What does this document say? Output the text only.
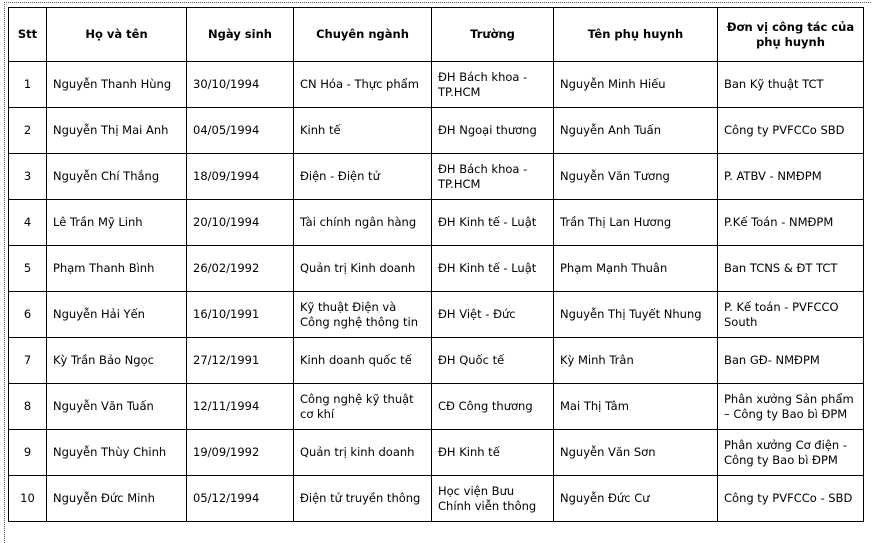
Stt	Họ và tên	Ngày sinh	Chuyên ngành	Trường	Tên phụ huynh	Đơn vị công tác của phụ huynh
1	Nguyễn Thanh Hùng	30/10/1994	CN Hóa - Thực phẩm	ĐH Bách khoa - TP.HCM	Nguyễn Minh Hiếu	Ban Kỹ thuật TCT
2	Nguyễn Thị Mai Anh	04/05/1994	Kinh tế	ĐH Ngoại thương	Nguyễn Anh Tuấn	Công ty PVFCCo SBD
3	Nguyễn Chí Thắng	18/09/1994	Điện - Điện tử	ĐH Bách khoa - TP.HCM	Nguyễn Văn Tương	P. ATBV - NMĐPM
4	Lê Trần Mỹ Linh	20/10/1994	Tài chính ngân hàng	ĐH Kinh tế - Luật	Trần Thị Lan Hương	P.Kế Toán - NMĐPM
5	Phạm Thanh Bình	26/02/1992	Quản trị Kinh doanh	ĐH Kinh tế - Luật	Phạm Mạnh Thuân	Ban TCNS & ĐT TCT
6	Nguyễn Hải Yến	16/10/1991	Kỹ thuật Điện và Công nghệ thông tin	ĐH Việt - Đức	Nguyễn Thị Tuyết Nhung	P. Kế toán - PVFCCO South
7	Kỳ Trần Bảo Ngọc	27/12/1991	Kinh doanh quốc tế	ĐH Quốc tế	Kỳ Minh Trân	Ban GĐ- NMĐPM
8	Nguyễn Văn Tuấn	12/11/1994	Công nghệ kỹ thuật cơ khí	CĐ Công thương	Mai Thị Tâm	Phân xưởng Sản phẩm – Công ty Bao bì ĐPM
9	Nguyễn Thùy Chinh	19/09/1992	Quản trị kinh doanh	ĐH Kinh tế	Nguyễn Văn Sơn	Phân xưởng Cơ điện - Công ty Bao bì ĐPM
10	Nguyễn Đức Minh	05/12/1994	Điện tử truyền thông	Học viện Bưu Chính viễn thông	Nguyễn Đức Cư	Công ty PVFCCo - SBD
